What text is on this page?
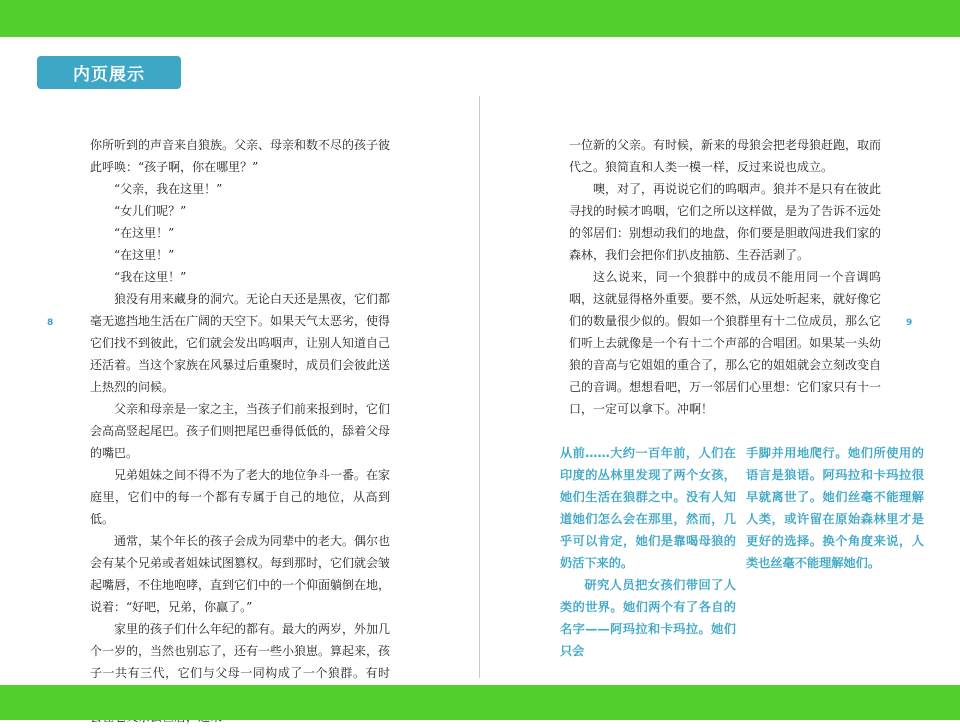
内页展示
8	9

你所听到的声音来自狼族。父亲、母亲和数不尽的孩子彼此呼唤：“孩子啊，你在哪里？”

“父亲，我在这里！”

“女儿们呢？”

“在这里！”

“在这里！”

“我在这里！”

狼没有用来藏身的洞穴。无论白天还是黑夜，它们都毫无遮挡地生活在广阔的天空下。如果天气太恶劣，使得它们找不到彼此，它们就会发出呜咽声，让别人知道自己还活着。当这个家族在风暴过后重聚时，成员们会彼此送上热烈的问候。

父亲和母亲是一家之主，当孩子们前来报到时，它们会高高竖起尾巴。孩子们则把尾巴垂得低低的，舔着父母的嘴巴。

兄弟姐妹之间不得不为了老大的地位争斗一番。在家庭里，它们中的每一个都有专属于自己的地位，从高到低。

通常，某个年长的孩子会成为同辈中的老大。偶尔也会有某个兄弟或者姐妹试图篡权。每到那时，它们就会皱起嘴唇，不住地咆哮，直到它们中的一个仰面躺倒在地，说着：“好吧，兄弟，你赢了。”

家里的孩子们什么年纪的都有。最大的两岁，外加几个一岁的，当然也别忘了，还有一些小狼崽。算起来，孩子一共有三代，它们与父母一同构成了一个狼群。有时

一位新的父亲。有时候，新来的母狼会把老母狼赶跑，取而代之。狼简直和人类一模一样，反过来说也成立。

噢，对了，再说说它们的呜咽声。狼并不是只有在彼此寻找的时候才呜咽，它们之所以这样做，是为了告诉不远处的邻居们：别想动我们的地盘，你们要是胆敢闯进我们家的森林，我们会把你们扒皮抽筋、生吞活剥了。

这么说来，同一个狼群中的成员不能用同一个音调呜咽，这就显得格外重要。要不然，从远处听起来，就好像它们的数量很少似的。假如一个狼群里有十二位成员，那么它们听上去就像是一个有十二个声部的合唱团。如果某一头幼狼的音高与它姐姐的重合了，那么它的姐姐就会立刻改变自己的音调。想想看吧，万一邻居们心里想：它们家只有十一口，一定可以拿下。冲啊！

从前……大约一百年前，人们在印度的丛林里发现了两个女孩，她们生活在狼群之中。没有人知道她们怎么会在那里，然而，几乎可以肯定，她们是靠喝母狼的奶活下来的。

研究人员把女孩们带回了人类的世界。她们两个有了各自的名字——阿玛拉和卡玛拉。她们只会

手脚并用地爬行。她们所使用的语言是狼语。阿玛拉和卡玛拉很早就离世了。她们丝毫不能理解人类，或许留在原始森林里才是更好的选择。换个角度来说，人类也丝毫不能理解她们。
